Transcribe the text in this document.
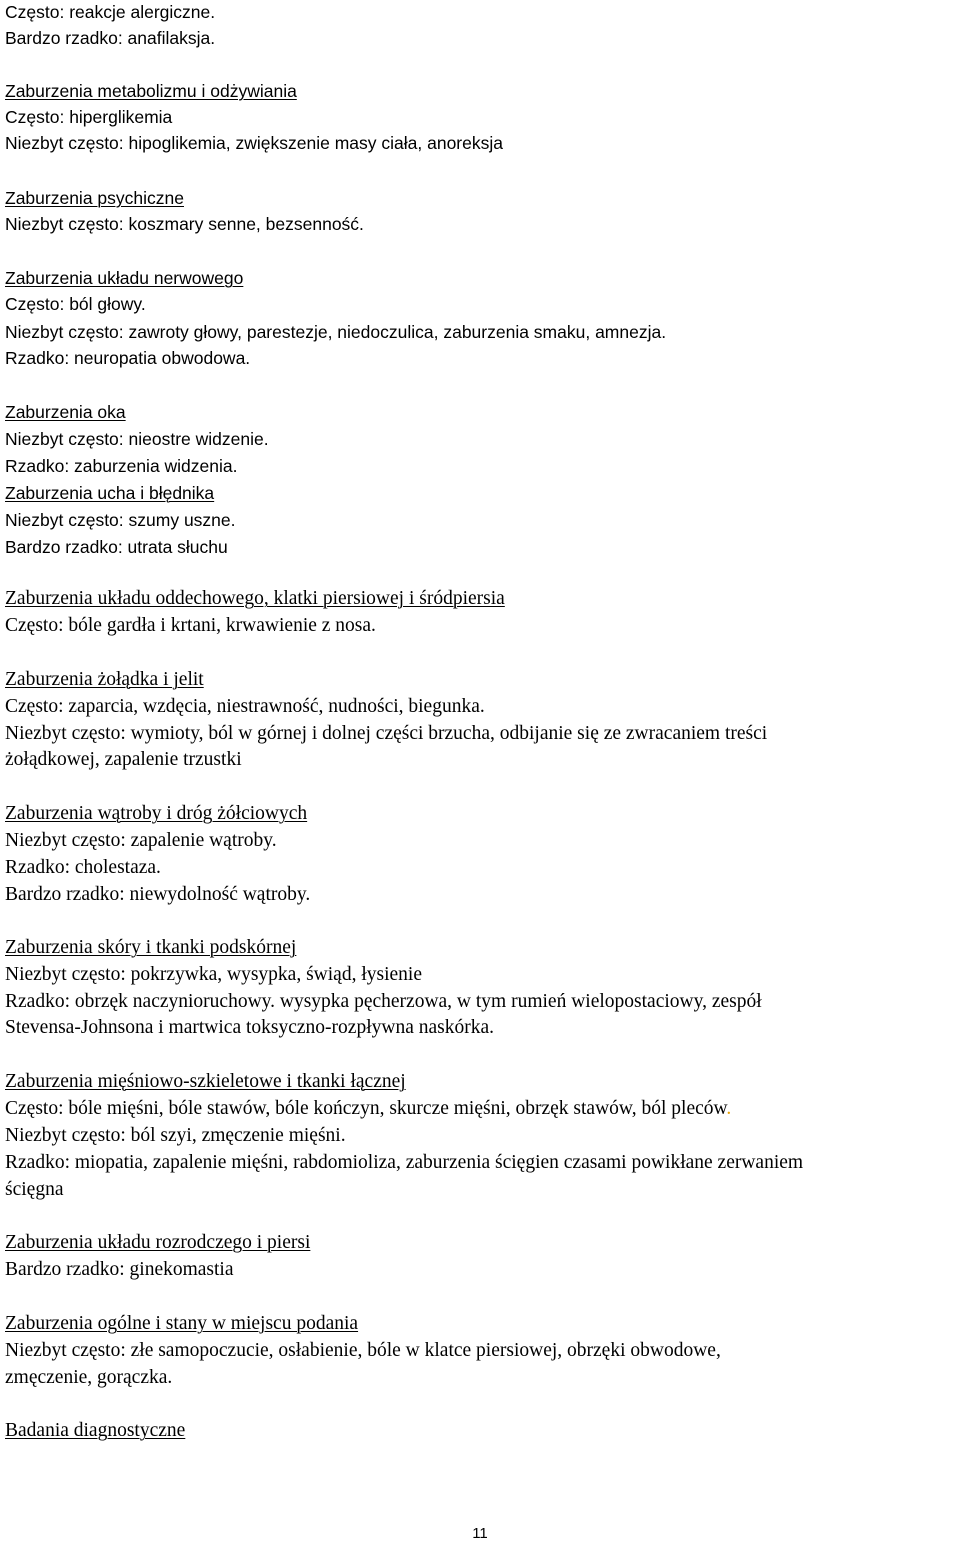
Często: reakcje alergiczne.
Bardzo rzadko: anafilaksja.
Zaburzenia metabolizmu i odżywiania
Często: hiperglikemia
Niezbyt często: hipoglikemia, zwiększenie masy ciała, anoreksja
Zaburzenia psychiczne
Niezbyt często: koszmary senne, bezsenność.
Zaburzenia układu nerwowego
Często: ból głowy.
Niezbyt często: zawroty głowy, parestezje, niedoczulica, zaburzenia smaku, amnezja.
Rzadko: neuropatia obwodowa.
Zaburzenia oka
Niezbyt często: nieostre widzenie.
Rzadko: zaburzenia widzenia.
Zaburzenia ucha i błędnika
Niezbyt często: szumy uszne.
Bardzo rzadko: utrata słuchu
Zaburzenia układu oddechowego, klatki piersiowej i śródpiersia
Często: bóle gardła i krtani, krwawienie z nosa.
Zaburzenia żołądka i jelit
Często: zaparcia, wzdęcia, niestrawność, nudności, biegunka.
Niezbyt często: wymioty, ból w górnej i dolnej części brzucha, odbijanie się ze zwracaniem treści
żołądkowej, zapalenie trzustki
Zaburzenia wątroby i dróg żółciowych
Niezbyt często: zapalenie wątroby.
Rzadko: cholestaza.
Bardzo rzadko: niewydolność wątroby.
Zaburzenia skóry i tkanki podskórnej
Niezbyt często: pokrzywka, wysypka, świąd, łysienie
Rzadko: obrzęk naczynioruchowy. wysypka pęcherzowa, w tym rumień wielopostaciowy, zespół
Stevensa-Johnsona i martwica toksyczno-rozpływna naskórka.
Zaburzenia mięśniowo-szkieletowe i tkanki łącznej
Często: bóle mięśni, bóle stawów, bóle kończyn, skurcze mięśni, obrzęk stawów, ból pleców.
Niezbyt często: ból szyi, zmęczenie mięśni.
Rzadko: miopatia, zapalenie mięśni, rabdomioliza, zaburzenia ścięgien czasami powikłane zerwaniem
ścięgna
Zaburzenia układu rozrodczego i piersi
Bardzo rzadko: ginekomastia
Zaburzenia ogólne i stany w miejscu podania
Niezbyt często: złe samopoczucie, osłabienie, bóle w klatce piersiowej, obrzęki obwodowe,
zmęczenie, gorączka.
Badania diagnostyczne
11
